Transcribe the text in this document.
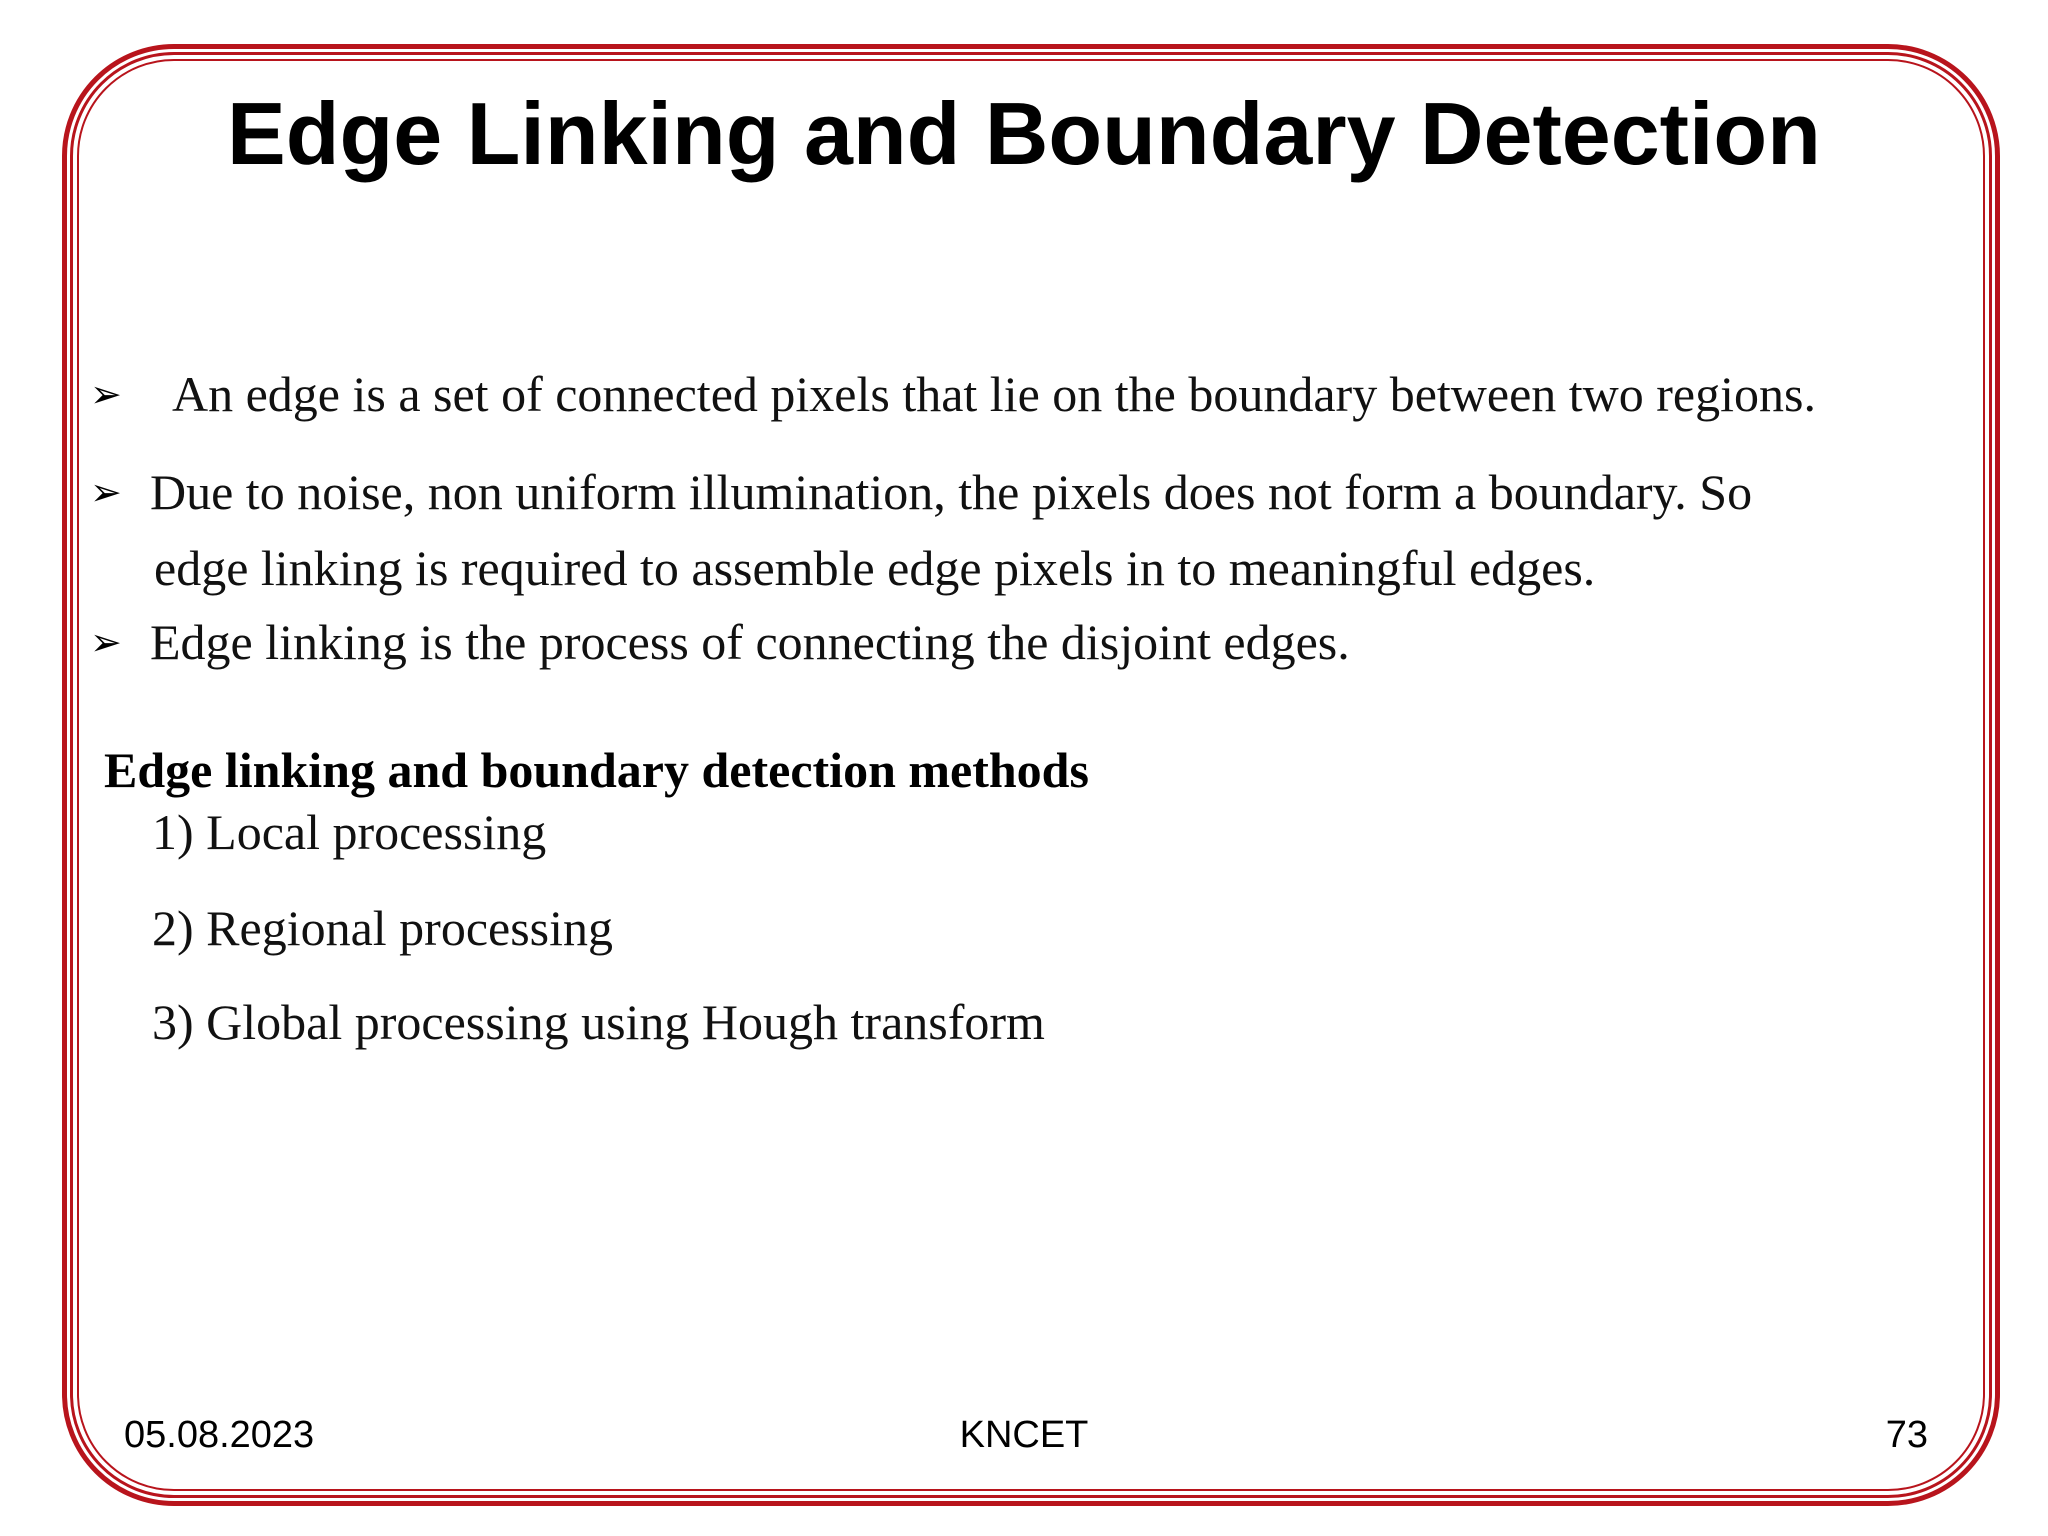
Edge Linking and Boundary Detection
➢ An edge is a set of connected pixels that lie on the boundary between two regions.
➢ Due to noise, non uniform illumination, the pixels does not form a boundary. So
edge linking is required to assemble edge pixels in to meaningful edges.
➢ Edge linking is the process of connecting the disjoint edges.
Edge linking and boundary detection methods
1) Local processing
2) Regional processing
3) Global processing using Hough transform
05.08.2023	KNCET	73
